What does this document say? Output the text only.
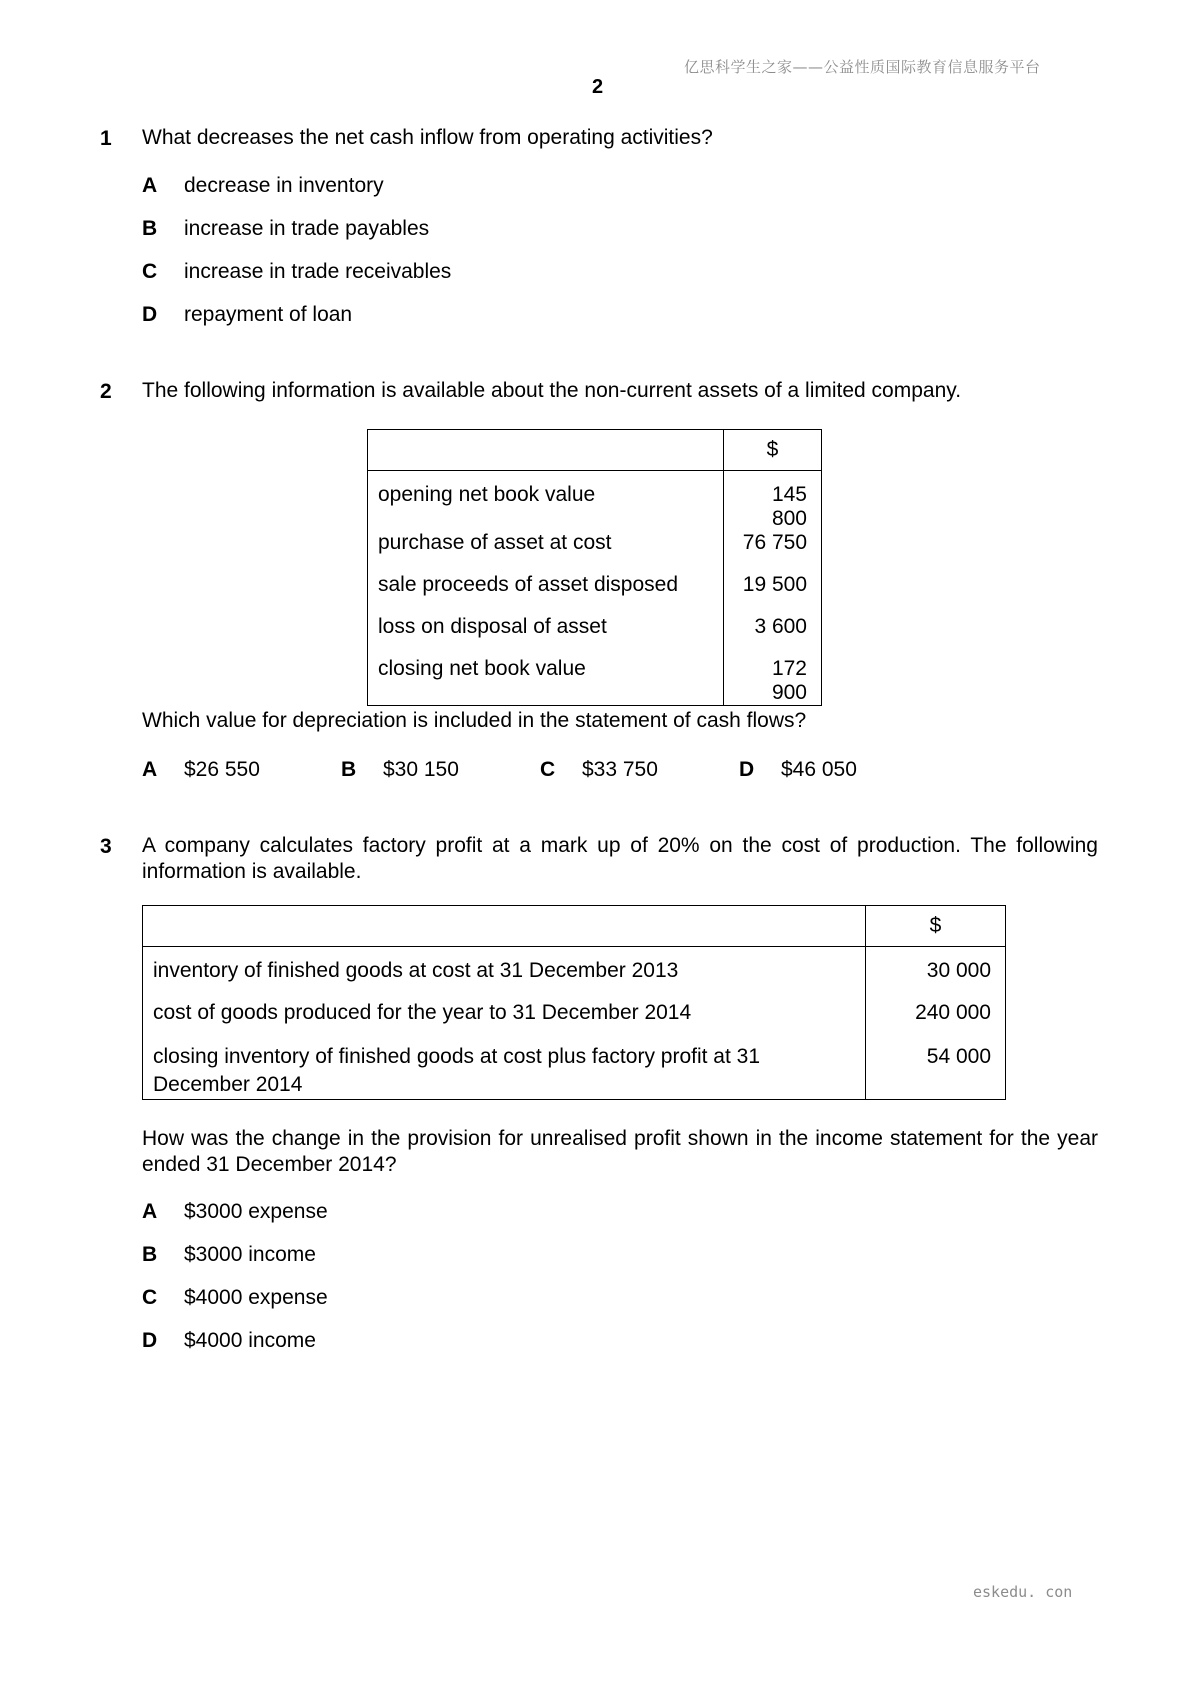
亿思科学生之家——公益性质国际教育信息服务平台
2
1 What decreases the net cash inflow from operating activities?
A decrease in inventory
B increase in trade payables
C increase in trade receivables
D repayment of loan
2 The following information is available about the non-current assets of a limited company.
	$
opening net book value	145 800
purchase of asset at cost	76 750
sale proceeds of asset disposed	19 500
loss on disposal of asset	3 600
closing net book value	172 900
Which value for depreciation is included in the statement of cash flows?
A $26 550	B $30 150	C $33 750	D $46 050
3 A company calculates factory profit at a mark up of 20% on the cost of production. The following information is available.
	$
inventory of finished goods at cost at 31 December 2013	30 000
cost of goods produced for the year to 31 December 2014	240 000
closing inventory of finished goods at cost plus factory profit at 31 December 2014	54 000
How was the change in the provision for unrealised profit shown in the income statement for the year ended 31 December 2014?
A $3000 expense
B $3000 income
C $4000 expense
D $4000 income
eskedu. con
